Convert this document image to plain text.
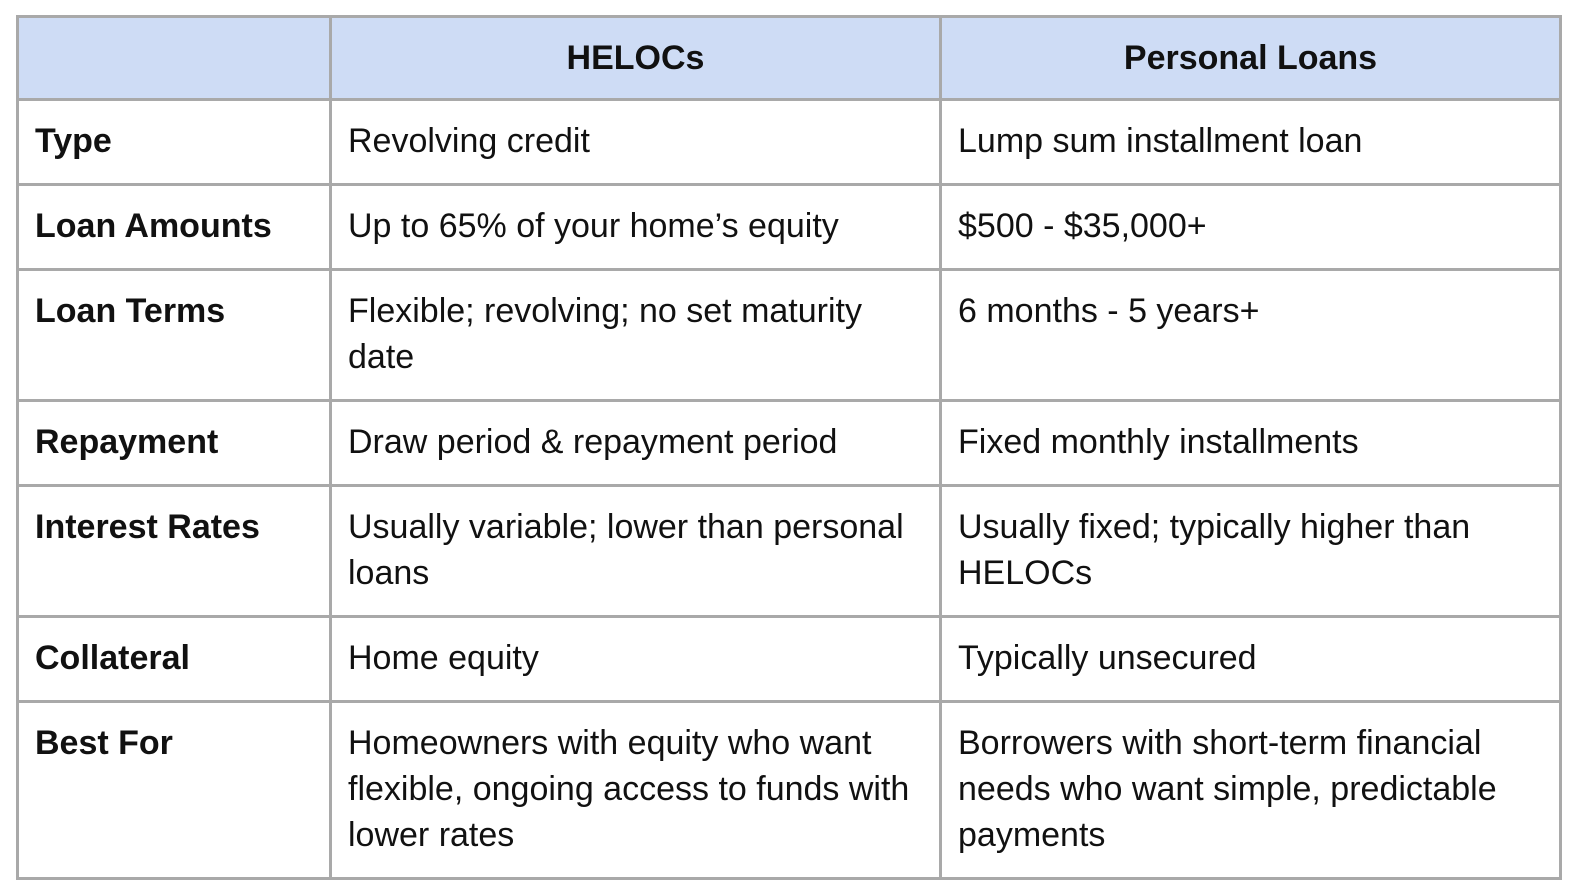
	HELOCs	Personal Loans
Type	Revolving credit	Lump sum installment loan
Loan Amounts	Up to 65% of your home’s equity	$500 - $35,000+
Loan Terms	Flexible; revolving; no set maturity date	6 months - 5 years+
Repayment	Draw period & repayment period	Fixed monthly installments
Interest Rates	Usually variable; lower than personal loans	Usually fixed; typically higher than HELOCs
Collateral	Home equity	Typically unsecured
Best For	Homeowners with equity who want flexible, ongoing access to funds with lower rates	Borrowers with short-term financial needs who want simple, predictable payments
